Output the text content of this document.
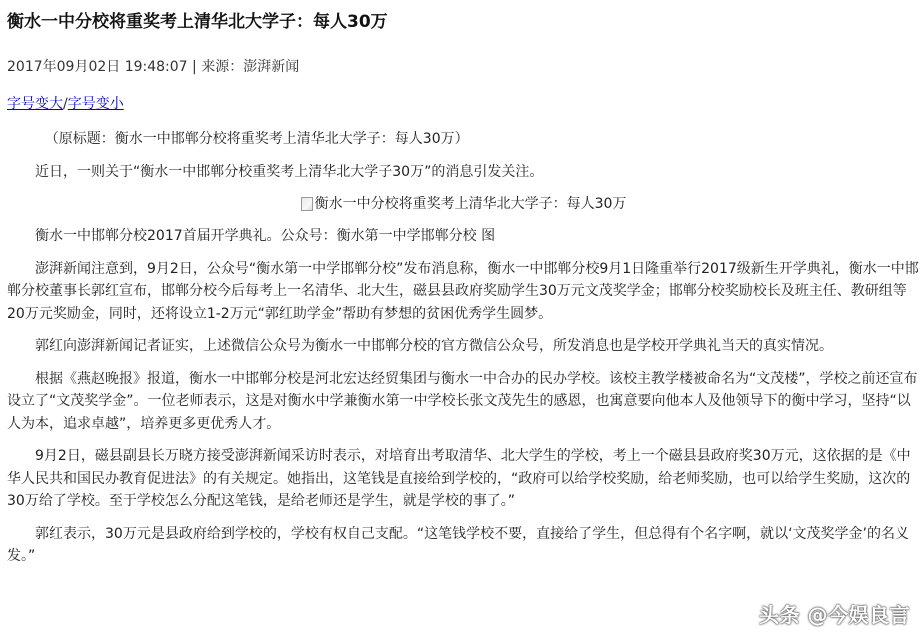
衡水一中分校将重奖考上清华北大学子：每人30万
2017年09月02日 19:48:07 | 来源：澎湃新闻
字号变大/字号变小

（原标题：衡水一中邯郸分校将重奖考上清华北大学子：每人30万）

近日，一则关于“衡水一中邯郸分校重奖考上清华北大学子30万”的消息引发关注。

衡水一中分校将重奖考上清华北大学子：每人30万

衡水一中邯郸分校2017首届开学典礼。公众号：衡水第一中学邯郸分校 图

澎湃新闻注意到，9月2日，公众号“衡水第一中学邯郸分校”发布消息称，衡水一中邯郸分校9月1日隆重举行2017级新生开学典礼，衡水一中邯郸分校董事长郭红宣布，邯郸分校今后每考上一名清华、北大生，磁县县政府奖励学生30万元文茂奖学金；邯郸分校奖励校长及班主任、教研组等20万元奖励金，同时，还将设立1-2万元“郭红助学金”帮助有梦想的贫困优秀学生圆梦。

郭红向澎湃新闻记者证实，上述微信公众号为衡水一中邯郸分校的官方微信公众号，所发消息也是学校开学典礼当天的真实情况。

根据《燕赵晚报》报道，衡水一中邯郸分校是河北宏达经贸集团与衡水一中合办的民办学校。该校主教学楼被命名为“文茂楼”，学校之前还宣布设立了“文茂奖学金”。一位老师表示，这是对衡水中学兼衡水第一中学校长张文茂先生的感恩，也寓意要向他本人及他领导下的衡中学习，坚持“以人为本，追求卓越”，培养更多更优秀人才。

9月2日，磁县副县长万晓方接受澎湃新闻采访时表示，对培育出考取清华、北大学生的学校，考上一个磁县县政府奖30万元，这依据的是《中华人民共和国民办教育促进法》的有关规定。她指出，这笔钱是直接给到学校的，“政府可以给学校奖励，给老师奖励，也可以给学生奖励，这次的30万给了学校。至于学校怎么分配这笔钱，是给老师还是学生，就是学校的事了。”

郭红表示，30万元是县政府给到学校的，学校有权自己支配。“这笔钱学校不要，直接给了学生，但总得有个名字啊，就以‘文茂奖学金’的名义发。”

头条 @今娱良言
